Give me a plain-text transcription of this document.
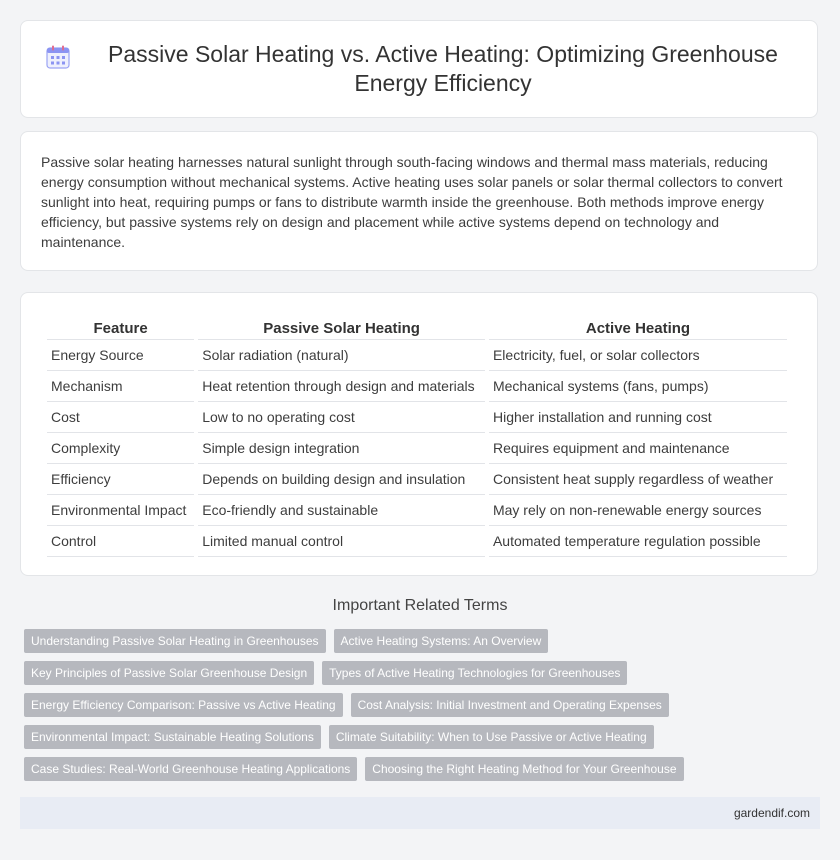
Passive Solar Heating vs. Active Heating: Optimizing Greenhouse Energy Efficiency

Passive solar heating harnesses natural sunlight through south-facing windows and thermal mass materials, reducing energy consumption without mechanical systems. Active heating uses solar panels or solar thermal collectors to convert sunlight into heat, requiring pumps or fans to distribute warmth inside the greenhouse. Both methods improve energy efficiency, but passive systems rely on design and placement while active systems depend on technology and maintenance.

Feature	Passive Solar Heating	Active Heating
Energy Source	Solar radiation (natural)	Electricity, fuel, or solar collectors
Mechanism	Heat retention through design and materials	Mechanical systems (fans, pumps)
Cost	Low to no operating cost	Higher installation and running cost
Complexity	Simple design integration	Requires equipment and maintenance
Efficiency	Depends on building design and insulation	Consistent heat supply regardless of weather
Environmental Impact	Eco-friendly and sustainable	May rely on non-renewable energy sources
Control	Limited manual control	Automated temperature regulation possible
Important Related Terms
Understanding Passive Solar Heating in Greenhouses	Active Heating Systems: An Overview
Key Principles of Passive Solar Greenhouse Design	Types of Active Heating Technologies for Greenhouses
Energy Efficiency Comparison: Passive vs Active Heating	Cost Analysis: Initial Investment and Operating Expenses
Environmental Impact: Sustainable Heating Solutions	Climate Suitability: When to Use Passive or Active Heating
Case Studies: Real-World Greenhouse Heating Applications	Choosing the Right Heating Method for Your Greenhouse
gardendif.com
